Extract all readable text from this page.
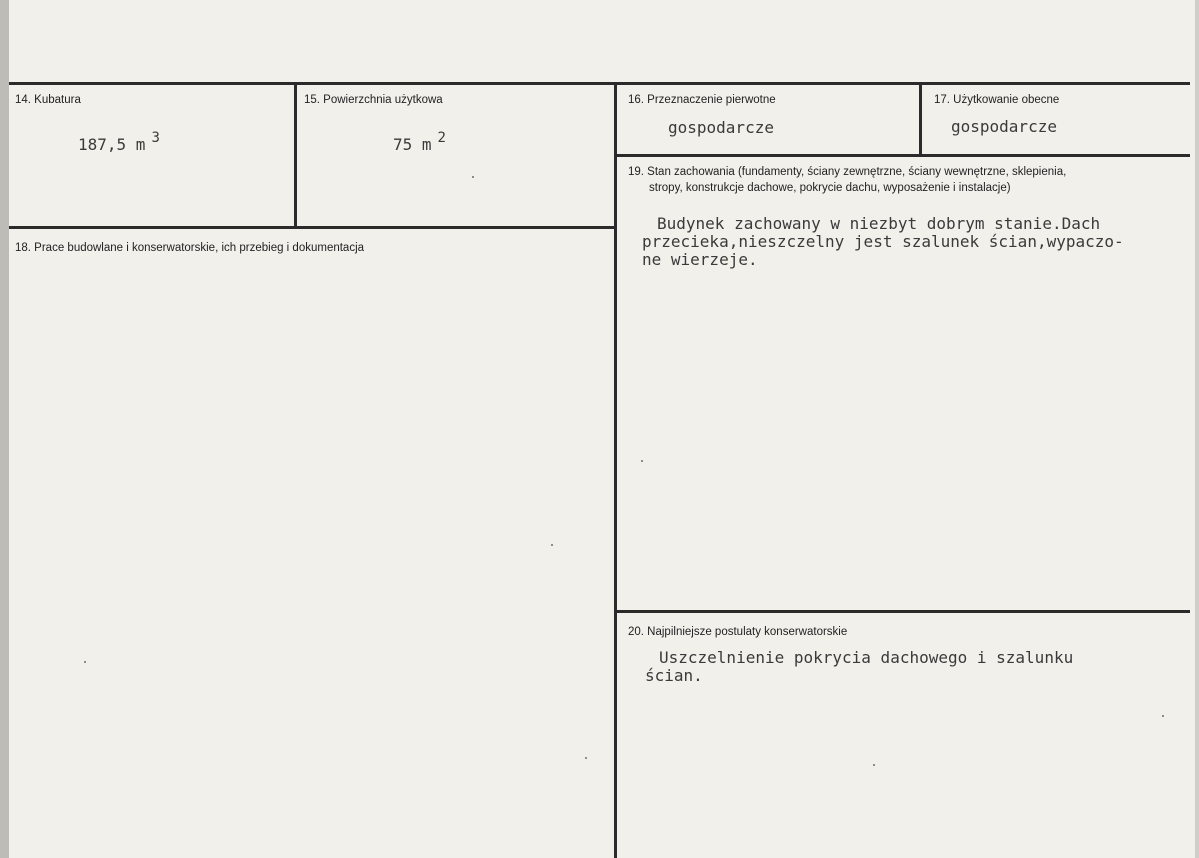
14. Kubatura
187,5 m 3
15. Powierzchnia użytkowa
75 m 2
16. Przeznaczenie pierwotne
gospodarcze
17. Użytkowanie obecne
gospodarcze
18. Prace budowlane i konserwatorskie, ich przebieg i dokumentacja
19. Stan zachowania (fundamenty, ściany zewnętrzne, ściany wewnętrzne, sklepienia,
stropy, konstrukcje dachowe, pokrycie dachu, wyposażenie i instalacje)
Budynek zachowany w niezbyt dobrym stanie.Dach
przecieka,nieszczelny jest szalunek ścian,wypaczo-
ne wierzeje.
20. Najpilniejsze postulaty konserwatorskie
Uszczelnienie pokrycia dachowego i szalunku
ścian.
